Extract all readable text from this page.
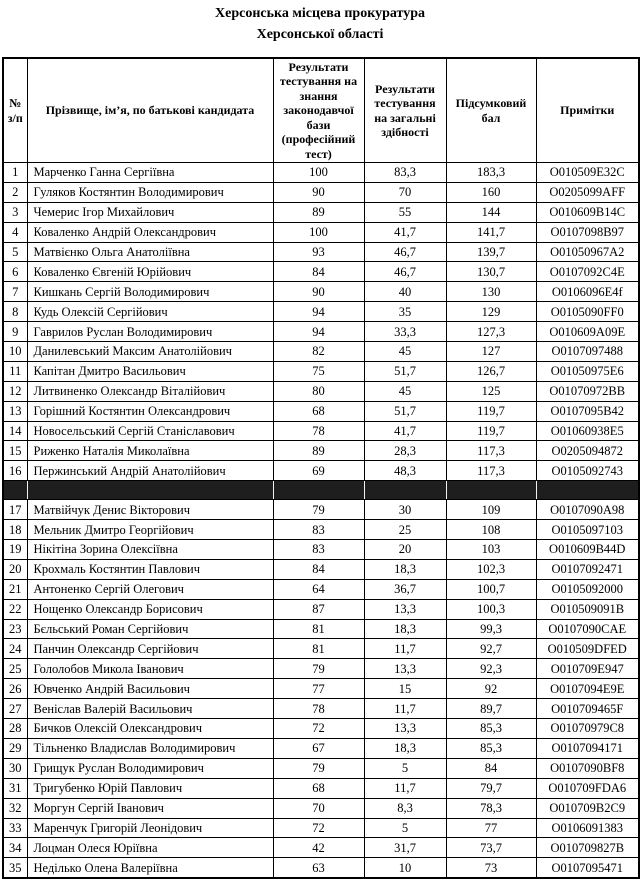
Херсонська місцева прокуратура
Херсонської області
№ з/п	Прізвище, ім’я, по батькові кандидата	Результати тестування на знання законодавчої бази (професійний тест)	Результати тестування на загальні здібності	Підсумковий бал	Примітки
1	Марченко Ганна Сергіївна	100	83,3	183,3	O010509E32C
2	Гуляков Костянтин Володимирович	90	70	160	O0205099AFF
3	Чемерис Ігор Михайлович	89	55	144	O010609B14C
4	Коваленко Андрій Олександрович	100	41,7	141,7	O0107098B97
5	Матвієнко Ольга Анатоліївна	93	46,7	139,7	O01050967A2
6	Коваленко Євгеній Юрійович	84	46,7	130,7	O0107092C4E
7	Кишкань Сергій Володимирович	90	40	130	O0106096E4f
8	Кудь Олексій Сергійович	94	35	129	O0105090FF0
9	Гаврилов Руслан Володимирович	94	33,3	127,3	O010609A09E
10	Данилевський Максим Анатолійович	82	45	127	O0107097488
11	Капітан Дмитро Васильович	75	51,7	126,7	O01050975E6
12	Литвиненко Олександр Віталійович	80	45	125	O01070972BB
13	Горішний Костянтин Олександрович	68	51,7	119,7	O0107095B42
14	Новосельський Сергій Станіславович	78	41,7	119,7	O01060938E5
15	Риженко Наталія Миколаївна	89	28,3	117,3	O0205094872
16	Пержинський Андрій Анатолійович	69	48,3	117,3	O0105092743

17	Матвійчук Денис Вікторович	79	30	109	O0107090A98
18	Мельник Дмитро Георгійович	83	25	108	O0105097103
19	Нікітіна Зорина Олексіївна	83	20	103	O010609B44D
20	Крохмаль Костянтин Павлович	84	18,3	102,3	O0107092471
21	Антоненко Сергій Олегович	64	36,7	100,7	O0105092000
22	Нощенко Олександр Борисович	87	13,3	100,3	O010509091B
23	Бєльський Роман Сергійович	81	18,3	99,3	O0107090CAE
24	Панчин Олександр Сергійович	81	11,7	92,7	O010509DFED
25	Гололобов Микола Іванович	79	13,3	92,3	O010709E947
26	Ювченко Андрій Васильович	77	15	92	O0107094E9E
27	Веніслав Валерій Васильович	78	11,7	89,7	O010709465F
28	Бичков Олексій Олександрович	72	13,3	85,3	O01070979C8
29	Тільненко Владислав Володимирович	67	18,3	85,3	O0107094171
30	Грищук Руслан Володимирович	79	5	84	O0107090BF8
31	Тригубенко Юрій Павлович	68	11,7	79,7	O010709FDA6
32	Моргун Сергій Іванович	70	8,3	78,3	O010709B2C9
33	Маренчук Григорій Леонідович	72	5	77	O0106091383
34	Лоцман Олеся Юріївна	42	31,7	73,7	O010709827B
35	Неділько Олена Валеріївна	63	10	73	O0107095471
